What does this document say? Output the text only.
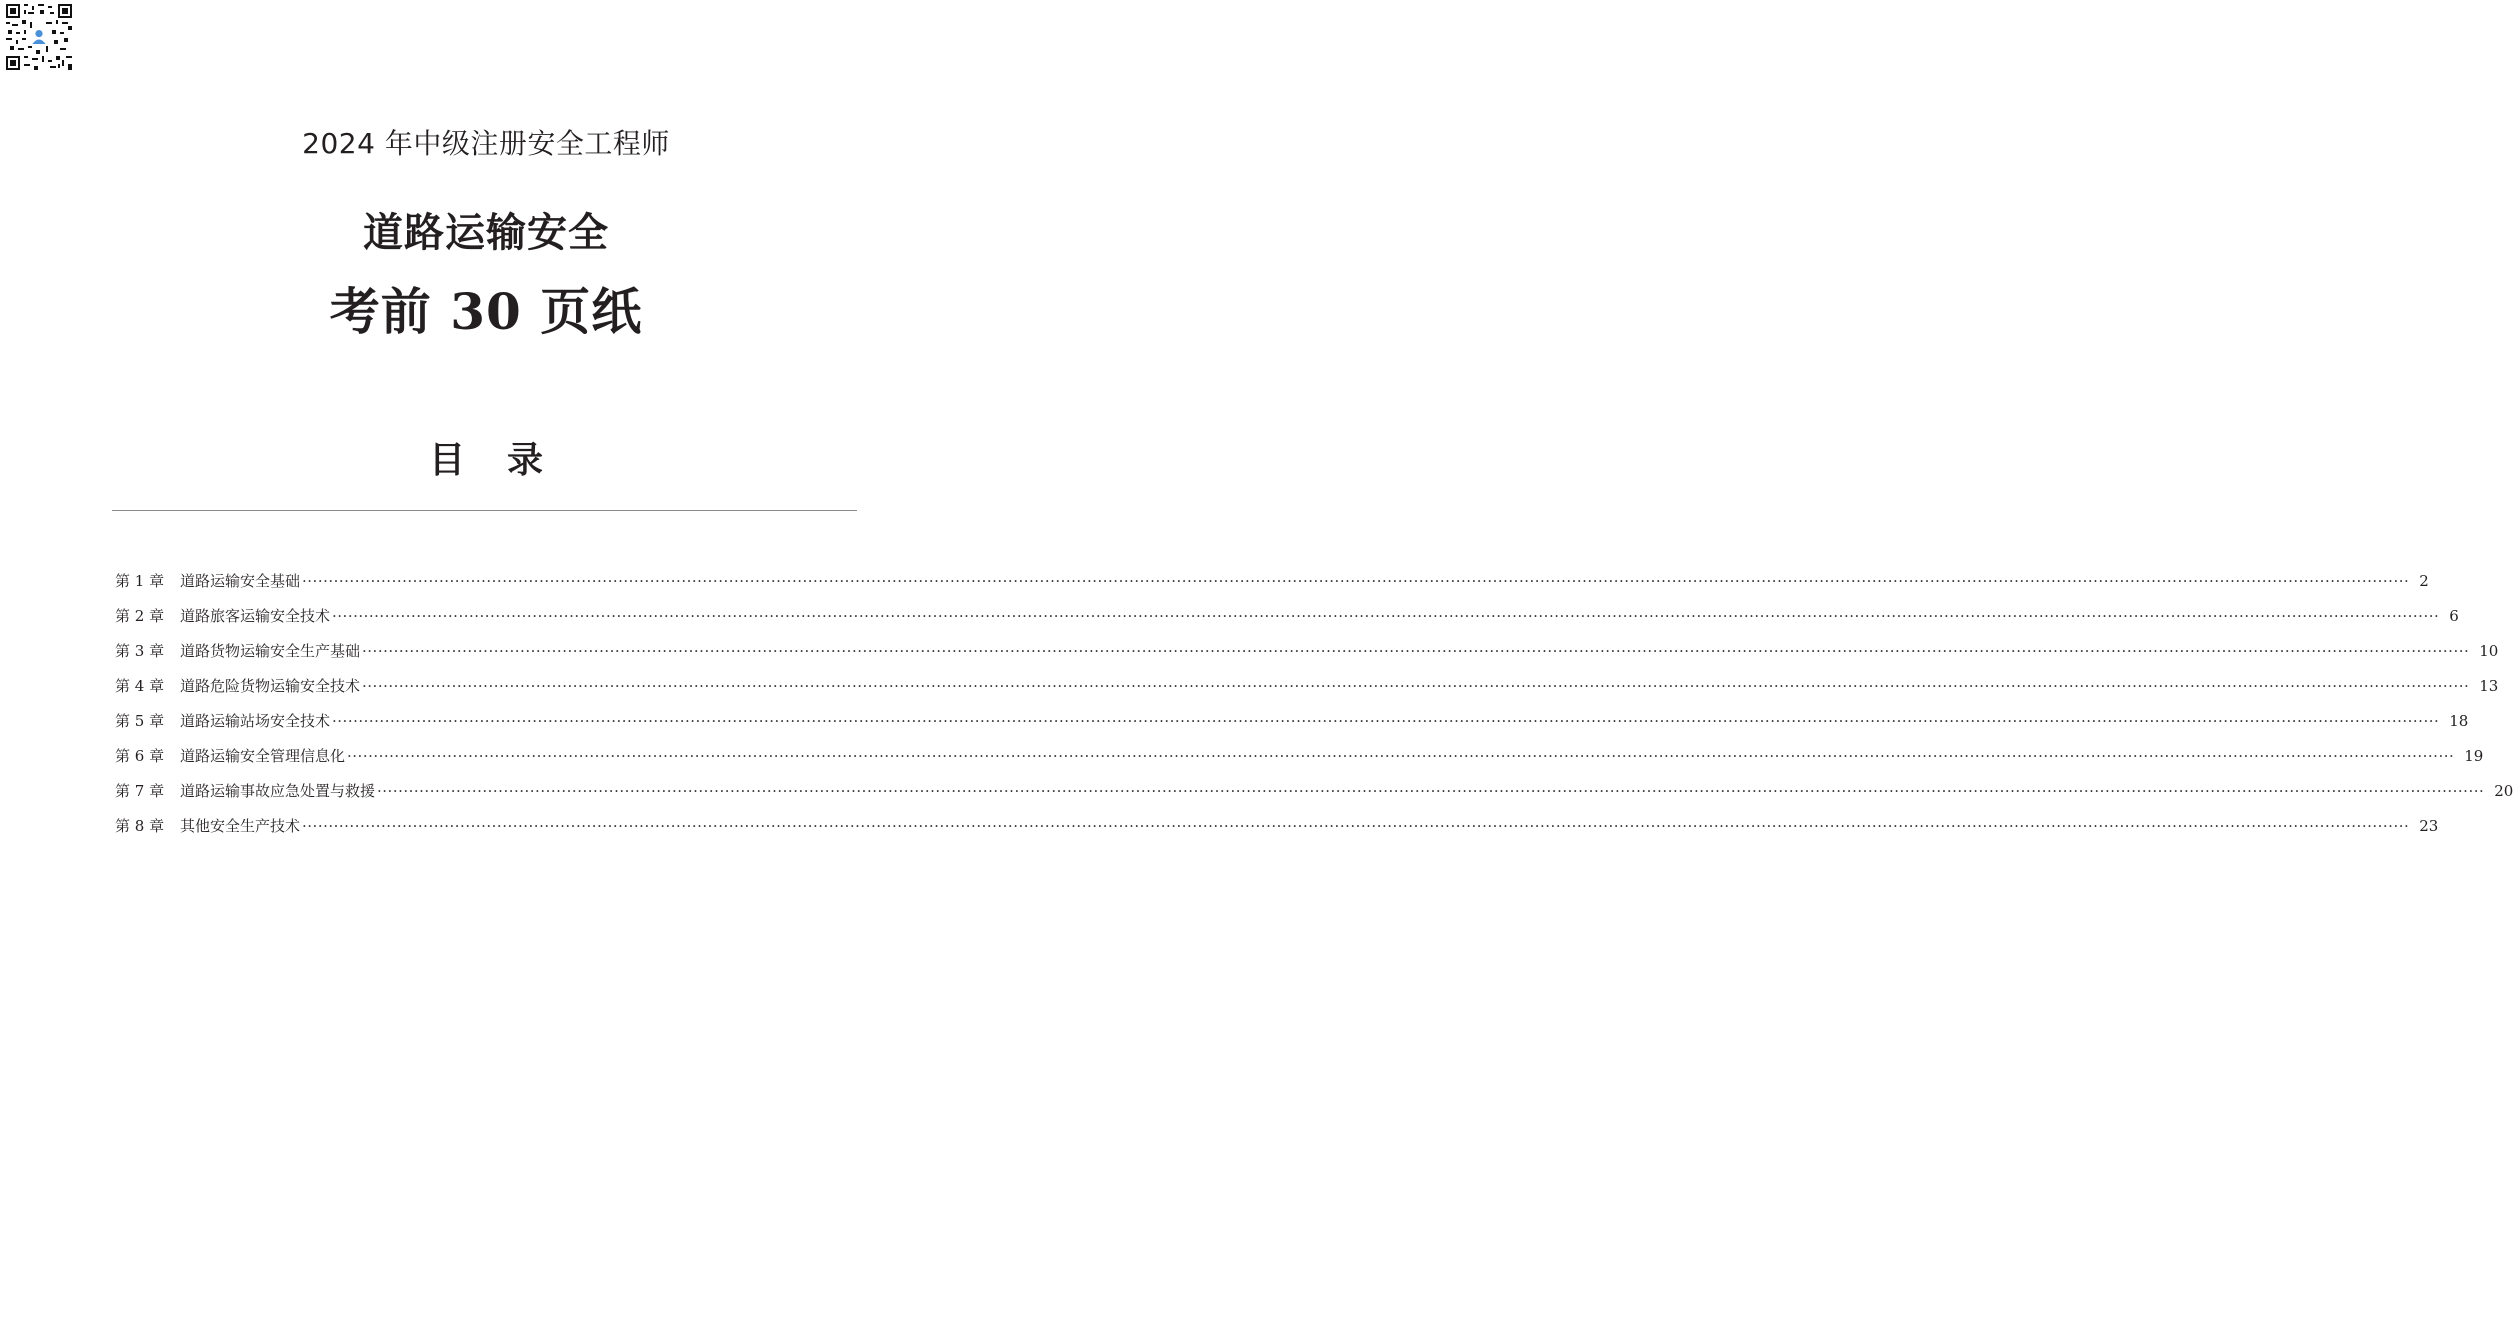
2024 年中级注册安全工程师
道路运输安全
考前 30 页纸
目录
第 1 章	道路运输安全基础 ················································································································································································································································································································································································································ 2
第 2 章	道路旅客运输安全技术 ················································································································································································································································································································································································································ 6
第 3 章	道路货物运输安全生产基础 ················································································································································································································································································································································································································ 10
第 4 章	道路危险货物运输安全技术 ················································································································································································································································································································································································································ 13
第 5 章	道路运输站场安全技术 ················································································································································································································································································································································································································ 18
第 6 章	道路运输安全管理信息化 ················································································································································································································································································································································································································ 19
第 7 章	道路运输事故应急处置与救援 ················································································································································································································································································································································································································ 20
第 8 章	其他安全生产技术 ················································································································································································································································································································································································································ 23
